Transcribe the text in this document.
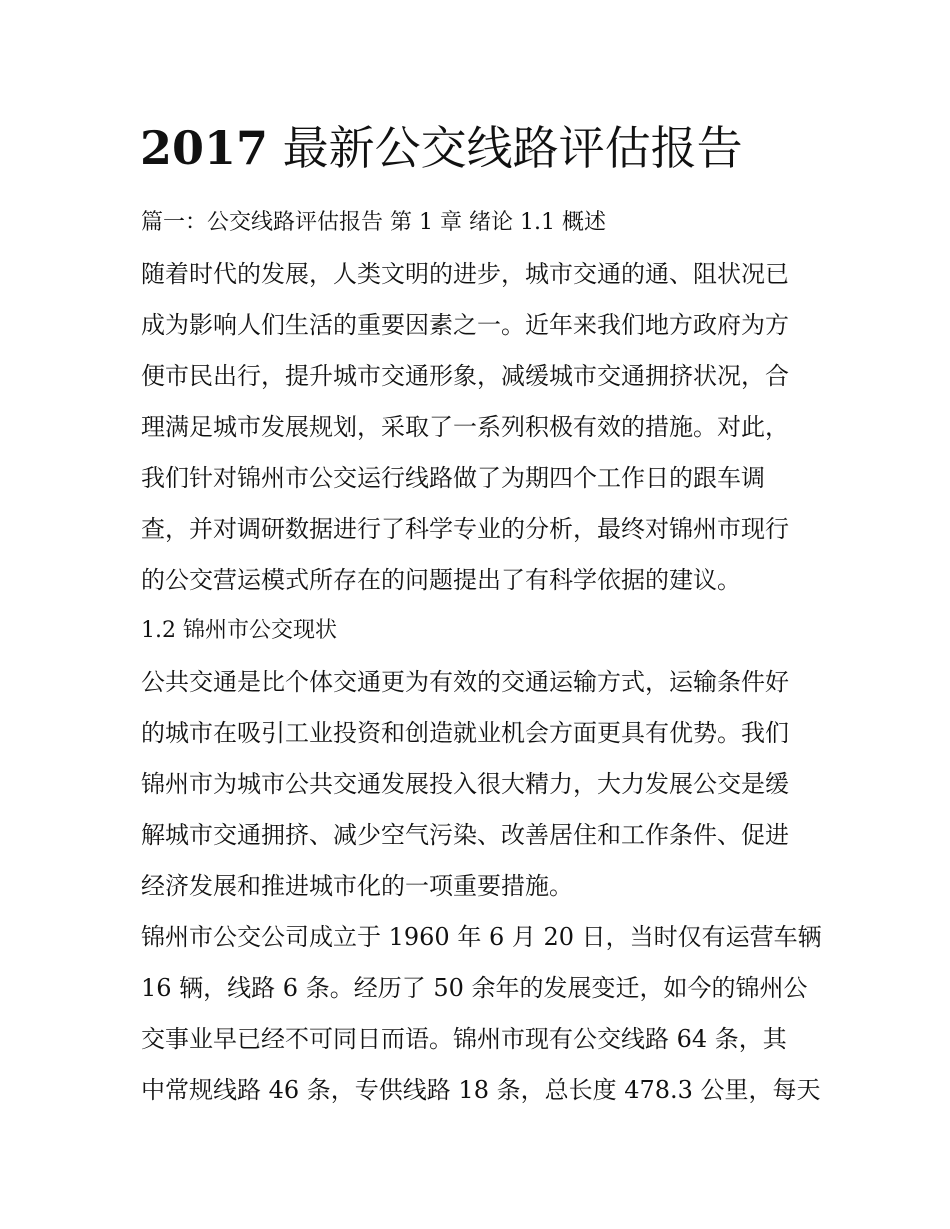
2017 最新公交线路评估报告
篇一：公交线路评估报告 第 1 章 绪论 1.1 概述
随着时代的发展，人类文明的进步，城市交通的通、阻状况已
成为影响人们生活的重要因素之一。近年来我们地方政府为方
便市民出行，提升城市交通形象，减缓城市交通拥挤状况，合
理满足城市发展规划，采取了一系列积极有效的措施。对此，
我们针对锦州市公交运行线路做了为期四个工作日的跟车调
查，并对调研数据进行了科学专业的分析，最终对锦州市现行
的公交营运模式所存在的问题提出了有科学依据的建议。
1.2 锦州市公交现状
公共交通是比个体交通更为有效的交通运输方式，运输条件好
的城市在吸引工业投资和创造就业机会方面更具有优势。我们
锦州市为城市公共交通发展投入很大精力，大力发展公交是缓
解城市交通拥挤、减少空气污染、改善居住和工作条件、促进
经济发展和推进城市化的一项重要措施。
锦州市公交公司成立于 1960 年 6 月 20 日，当时仅有运营车辆
16 辆，线路 6 条。经历了 50 余年的发展变迁，如今的锦州公
交事业早已经不可同日而语。锦州市现有公交线路 64 条，其
中常规线路 46 条，专供线路 18 条，总长度 478.3 公里，每天
